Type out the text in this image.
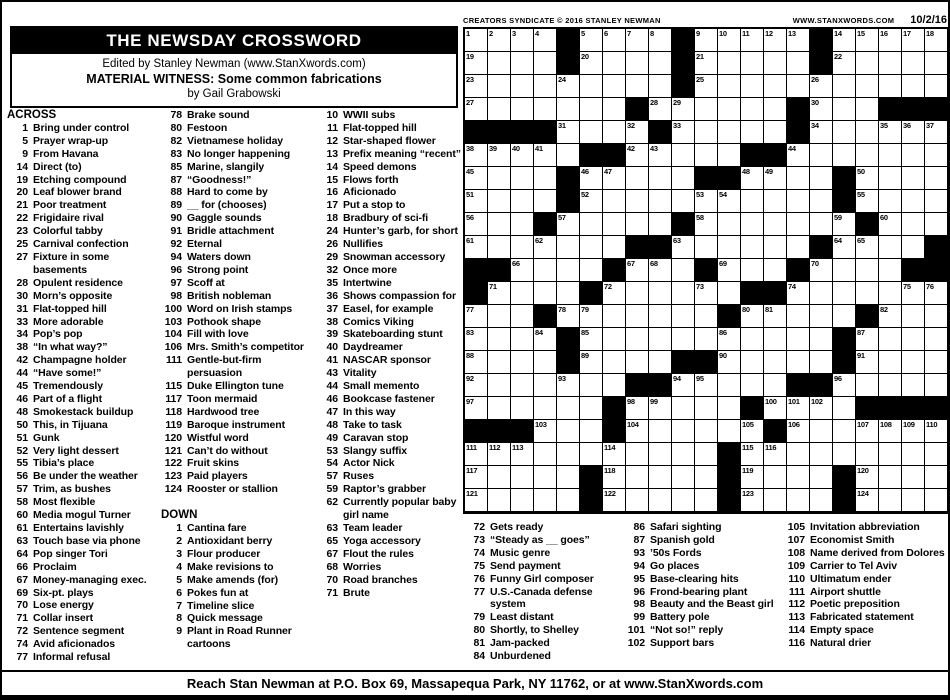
THE NEWSDAY CROSSWORD
Edited by Stanley Newman (www.StanXwords.com)
MATERIAL WITNESS: Some common fabrications
by Gail Grabowski
CREATORS SYNDICATE © 2016 STANLEY NEWMAN	WWW.STANXWORDS.COM 10/2/16
1	2	3	4	5	6	7	8	9	10 11 12 13	14 15 16 17 18
19	20	21	22
23	24	25	26
27	28 29	30
31	32	33	34	35 36 37
38 39 40 41	42 43	44
45	46 47	48 49	50
51	52	53 54	55
56	57	58	59	60
61	62	63	64 65
66	67 68	69	70
71	72	73	74	75 76
77	78 79	80 81	82
83	84	85	86	87
88	89	90	91
92	93	94 95	96
97	98 99	100 101 102
103	104	105	106	107 108 109 110
111 112 113	114	115 116
117	118	119	120
121	122	123	124
ACROSS
1 Bring under control
5 Prayer wrap-up
9 From Havana
14 Direct (to)
19 Etching compound
20 Leaf blower brand
21 Poor treatment
22 Frigidaire rival
23 Colorful tabby
25 Carnival confection
27 Fixture in some basements
28 Opulent residence
30 Morn’s opposite
31 Flat-topped hill
33 More adorable
34 Pop’s pop
38 “In what way?”
42 Champagne holder
44 “Have some!”
45 Tremendously
46 Part of a flight
48 Smokestack buildup
50 This, in Tijuana
51 Gunk
52 Very light dessert
55 Tibia’s place
56 Be under the weather
57 Trim, as bushes
58 Most flexible
60 Media mogul Turner
61 Entertains lavishly
63 Touch base via phone
64 Pop singer Tori
66 Proclaim
67 Money-managing exec.
69 Six-pt. plays
70 Lose energy
71 Collar insert
72 Sentence segment
74 Avid aficionados
77 Informal refusal
78 Brake sound
80 Festoon
82 Vietnamese holiday
83 No longer happening
85 Marine, slangily
87 “Goodness!”
88 Hard to come by
89 __ for (chooses)
90 Gaggle sounds
91 Bridle attachment
92 Eternal
94 Waters down
96 Strong point
97 Scoff at
98 British nobleman
100 Word on Irish stamps
103 Pothook shape
104 Fill with love
106 Mrs. Smith’s competitor
111 Gentle-but-firm persuasion
115 Duke Ellington tune
117 Toon mermaid
118 Hardwood tree
119 Baroque instrument
120 Wistful word
121 Can’t do without
122 Fruit skins
123 Paid players
124 Rooster or stallion
DOWN
1 Cantina fare
2 Antioxidant berry
3 Flour producer
4 Make revisions to
5 Make amends (for)
6 Pokes fun at
7 Timeline slice
8 Quick message
9 Plant in Road Runner cartoons
10 WWII subs
11 Flat-topped hill
12 Star-shaped flower
13 Prefix meaning “recent”
14 Speed demons
15 Flows forth
16 Aficionado
17 Put a stop to
18 Bradbury of sci-fi
24 Hunter’s garb, for short
26 Nullifies
29 Snowman accessory
32 Once more
35 Intertwine
36 Shows compassion for
37 Easel, for example
38 Comics Viking
39 Skateboarding stunt
40 Daydreamer
41 NASCAR sponsor
43 Vitality
44 Small memento
46 Bookcase fastener
47 In this way
48 Take to task
49 Caravan stop
53 Slangy suffix
54 Actor Nick
57 Ruses
59 Raptor’s grabber
62 Currently popular baby girl name
63 Team leader
65 Yoga accessory
67 Flout the rules
68 Worries
70 Road branches
71 Brute
72 Gets ready
73 “Steady as __ goes”
74 Music genre
75 Send payment
76 Funny Girl composer
77 U.S.-Canada defense system
79 Least distant
80 Shortly, to Shelley
81 Jam-packed
84 Unburdened
86 Safari sighting
87 Spanish gold
93 ’50s Fords
94 Go places
95 Base-clearing hits
96 Frond-bearing plant
98 Beauty and the Beast girl
99 Battery pole
101 “Not so!” reply
102 Support bars
105 Invitation abbreviation
107 Economist Smith
108 Name derived from Dolores
109 Carrier to Tel Aviv
110 Ultimatum ender
111 Airport shuttle
112 Poetic preposition
113 Fabricated statement
114 Empty space
116 Natural drier
Reach Stan Newman at P.O. Box 69, Massapequa Park, NY 11762, or at www.StanXwords.com
